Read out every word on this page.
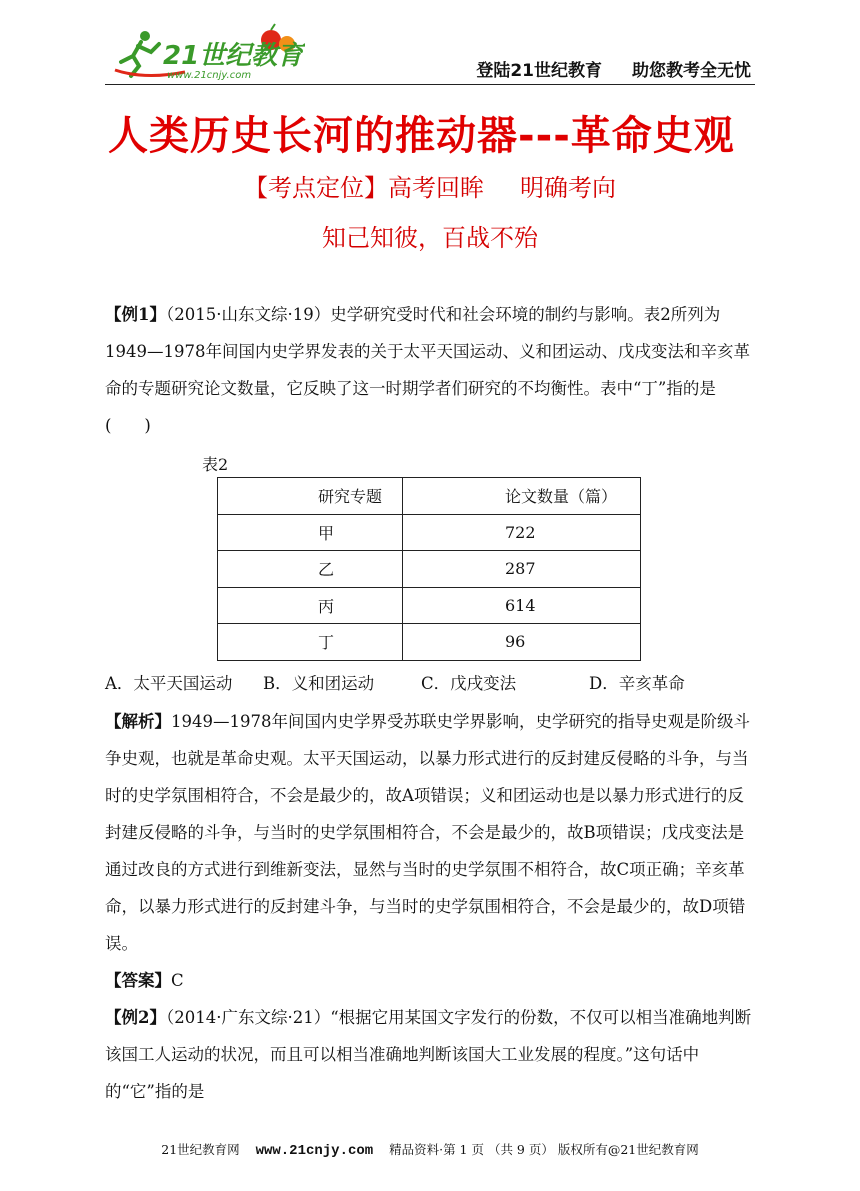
21世纪教育
www.21cnjy.com	登陆21世纪教育 助您教考全无忧
人类历史长河的推动器---革命史观
【考点定位】高考回眸 明确考向
知己知彼，百战不殆

【例1】（2015·山东文综·19）史学研究受时代和社会环境的制约与影响。表2所列为1949—1978年间国内史学界发表的关于太平天国运动、义和团运动、戊戌变法和辛亥革命的专题研究论文数量，它反映了这一时期学者们研究的不均衡性。表中“丁”指的是(　　)

表2
研究专题	论文数量（篇）
甲	722
乙	287
丙	614
丁	96
A．太平天国运动 B．义和团运动	C．戊戌变法	D．辛亥革命

【解析】1949—1978年间国内史学界受苏联史学界影响，史学研究的指导史观是阶级斗争史观，也就是革命史观。太平天国运动，以暴力形式进行的反封建反侵略的斗争，与当时的史学氛围相符合，不会是最少的，故A项错误；义和团运动也是以暴力形式进行的反封建反侵略的斗争，与当时的史学氛围相符合，不会是最少的，故B项错误；戊戌变法是通过改良的方式进行到维新变法，显然与当时的史学氛围不相符合，故C项正确；辛亥革命，以暴力形式进行的反封建斗争，与当时的史学氛围相符合，不会是最少的，故D项错误。

【答案】C

【例2】（2014·广东文综·21）“根据它用某国文字发行的份数，不仅可以相当准确地判断该国工人运动的状况，而且可以相当准确地判断该国大工业发展的程度。”这句话中的“它”指的是

21世纪教育网 www.21cnjy.com 精品资料·第 1 页 （共 9 页） 版权所有@21世纪教育网
